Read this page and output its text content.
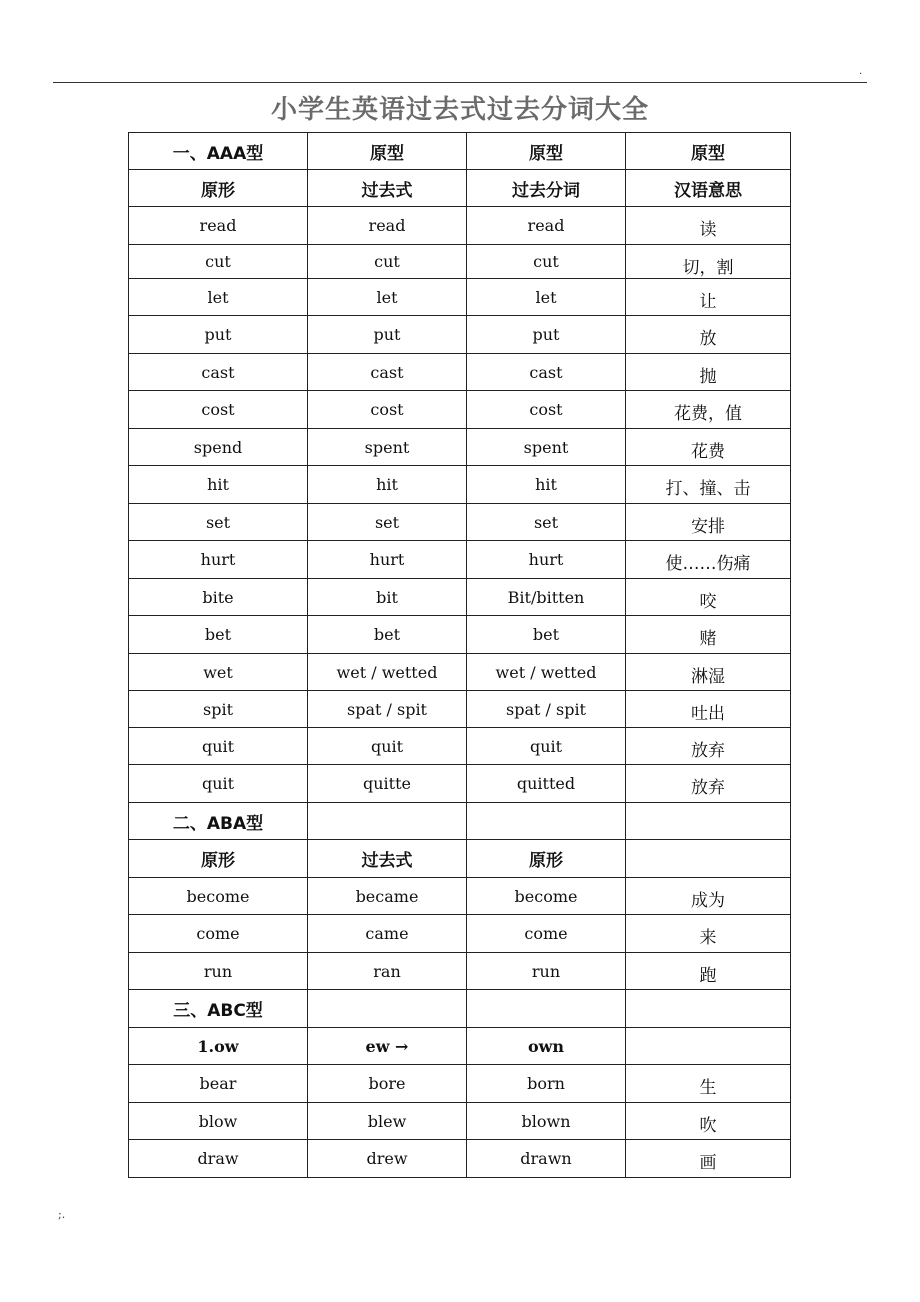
.
小学生英语过去式过去分词大全
一、AAA型	原型	原型	原型
原形	过去式	过去分词	汉语意思
read	read	read	读
cut	cut	cut	切，割
let	let	let	让
put	put	put	放
cast	cast	cast	抛
cost	cost	cost	花费，值
spend	spent	spent	花费
hit	hit	hit	打、撞、击
set	set	set	安排
hurt	hurt	hurt	使……伤痛
bite	bit	Bit/bitten	咬
bet	bet	bet	赌
wet	wet / wetted	wet / wetted	淋湿
spit	spat / spit	spat / spit	吐出
quit	quit	quit	放弃
quit	quitte	quitted	放弃
二、ABA型			
原形	过去式	原形	
become	became	become	成为
come	came	come	来
run	ran	run	跑
三、ABC型			
1.ow	ew →	own	
bear	bore	born	生
blow	blew	blown	吹
draw	drew	drawn	画
;.
